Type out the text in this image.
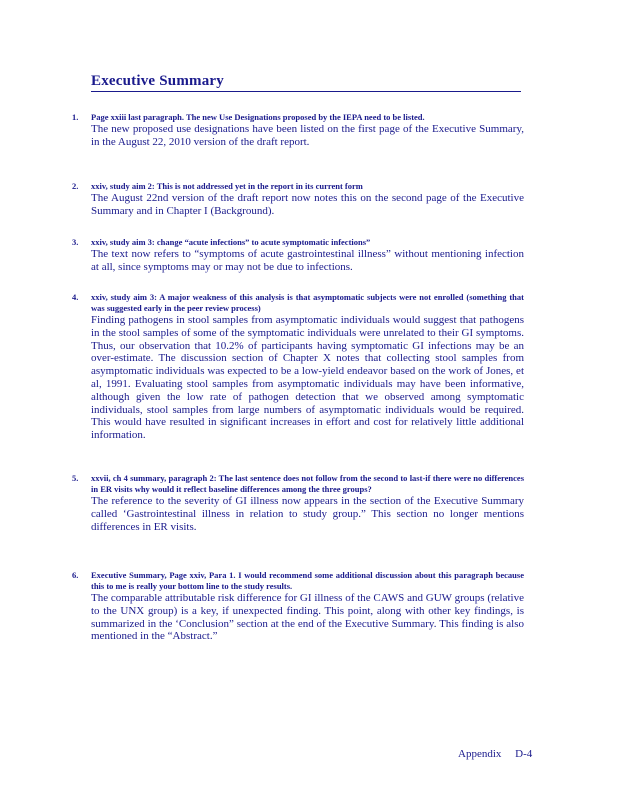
Executive Summary
1. Page xxiii last paragraph. The new Use Designations proposed by the IEPA need to be listed.
The new proposed use designations have been listed on the first page of the Executive Summary, in the August 22, 2010 version of the draft report.
2. xxiv, study aim 2: This is not addressed yet in the report in its current form
The August 22nd version of the draft report now notes this on the second page of the Executive Summary and in Chapter I (Background).
3. xxiv, study aim 3: change “acute infections” to acute symptomatic infections”
The text now refers to “symptoms of acute gastrointestinal illness” without mentioning infection at all, since symptoms may or may not be due to infections.
4. xxiv, study aim 3: A major weakness of this analysis is that asymptomatic subjects were not enrolled (something that was suggested early in the peer review process)
Finding pathogens in stool samples from asymptomatic individuals would suggest that pathogens in the stool samples of some of the symptomatic individuals were unrelated to their GI symptoms. Thus, our observation that 10.2% of participants having symptomatic GI infections may be an over-estimate. The discussion section of Chapter X notes that collecting stool samples from asymptomatic individuals was expected to be a low-yield endeavor based on the work of Jones, et al, 1991. Evaluating stool samples from asymptomatic individuals may have been informative, although given the low rate of pathogen detection that we observed among symptomatic individuals, stool samples from large numbers of asymptomatic individuals would be required. This would have resulted in significant increases in effort and cost for relatively little additional information.
5. xxvii, ch 4 summary, paragraph 2: The last sentence does not follow from the second to last-if there were no differences in ER visits why would it reflect baseline differences among the three groups?
The reference to the severity of GI illness now appears in the section of the Executive Summary called ‘Gastrointestinal illness in relation to study group.” This section no longer mentions differences in ER visits.
6. Executive Summary, Page xxiv, Para 1. I would recommend some additional discussion about this paragraph because this to me is really your bottom line to the study results.
The comparable attributable risk difference for GI illness of the CAWS and GUW groups (relative to the UNX group) is a key, if unexpected finding. This point, along with other key findings, is summarized in the ‘Conclusion” section at the end of the Executive Summary. This finding is also mentioned in the “Abstract.”
Appendix D-4
